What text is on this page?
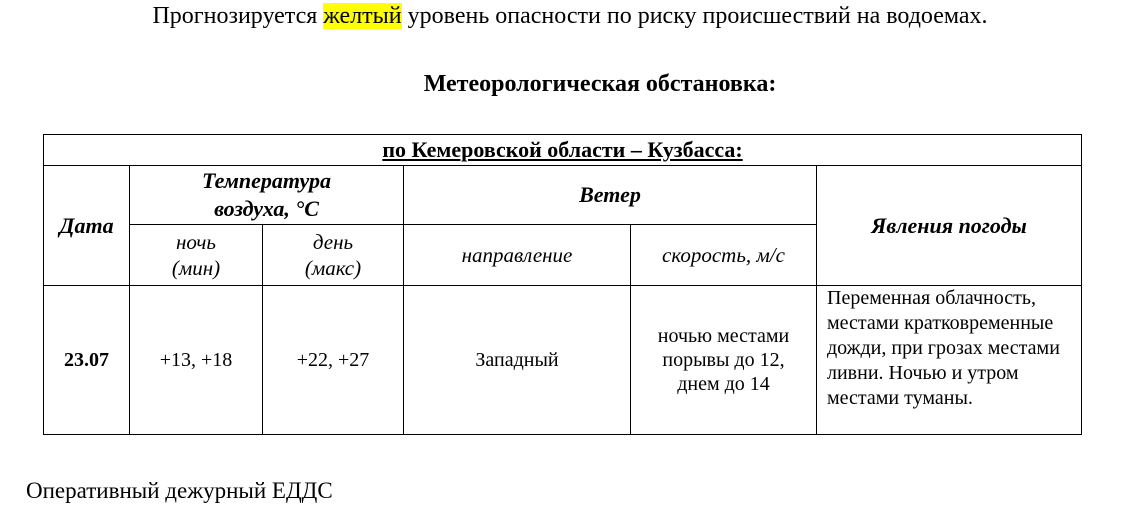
Прогнозируется желтый уровень опасности по риску происшествий на водоемах.
Метеорологическая обстановка:
по Кемеровской области – Кузбасса:					
Дата	Температура воздуха, °С		Ветер		Явления погоды
	ночь (мин)	день (макс)	направление	скорость, м/с	
23.07	+13, +18	+22, +27	Западный	ночью местами порывы до 12, днем до 14	Переменная облачность, местами кратковременные дожди, при грозах местами ливни. Ночью и утром местами туманы.
Оперативный дежурный ЕДДС
